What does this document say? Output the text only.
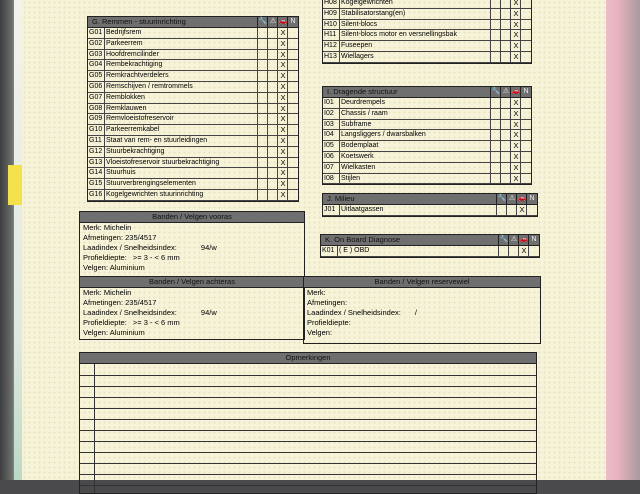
G. Remmen - stuurinrichting	🔧 ⚠ 🚗 N
G01 Bedrijfsrem	X
G02 Parkeerrem	X
G03 Hoofdremcilinder	X
G04 Rembekrachtiging	X
G05 Remkrachtverdelers	X
G06 Remschijven / remtrommels	X
G07 Remblokken	X
G08 Remklauwen	X
G09 Remvloeistofreservoir	X
G10 Parkeerremkabel	X
G11 Staat van rem- en stuurleidingen	X
G12 Stuurbekrachtiging	X
G13 Vloeistofreservoir stuurbekrachtiging	X
G14 Stuurhuis	X
G15 Stuurverbrengingselementen	X
G16 Kogelgewrichten stuurinrichting	X
H08 Kogelgewrichten	X
H09 Stabilisatorstang(en)	X
H10 Silent-blocs	X
H11 Silent-blocs motor en versnellingsbak	X
H12 Fuseepen	X
H13 Wiellagers	X
I. Dragende structuur	🔧 ⚠ 🚗 N
I01	Deurdrempels	X
I02	Chassis / raam	X
I03	Subframe	X
I04	Langsliggers / dwarsbalken	X
I05	Bodemplaat	X
I06	Koetswerk	X
I07	Wielkasten	X
I08	Stijlen	X
J. Milieu	🔧 ⚠ 🚗 N
J01 Uitlaatgassen	X
K. On Board Diagnose	🔧 ⚠ 🚗 N
K01 ( E ) OBD	X
Banden / Velgen vooras
Merk: Michelin
Afmetingen: 235/4517
Laadindex / Snelheidsindex:	94/w
Profieldiepte: >= 3 - < 6 mm
Velgen: Aluminium
Banden / Velgen achteras
Merk: Michelin
Afmetingen: 235/4517
Laadindex / Snelheidsindex:	94/w
Profieldiepte: >= 3 - < 6 mm
Velgen: Aluminium
Banden / Velgen reservewiel
Merk:
Afmetingen:
Laadindex / Snelheidsindex: /
Profieldiepte:
Velgen:
Opmerkingen
